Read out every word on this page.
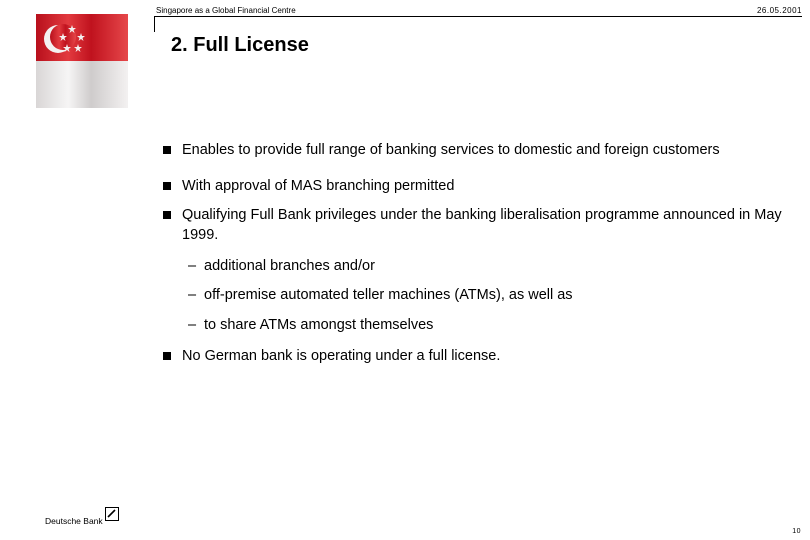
Singapore as a Global Financial Centre	26.05.2001
2. Full License
Enables to provide full range of banking services to domestic and foreign customers
With approval of MAS branching permitted
Qualifying Full Bank privileges under the banking liberalisation programme announced in May 1999.
– additional branches and/or
– off-premise automated teller machines (ATMs), as well as
– to share ATMs amongst themselves
No German bank is operating under a full license.
Deutsche Bank
10
